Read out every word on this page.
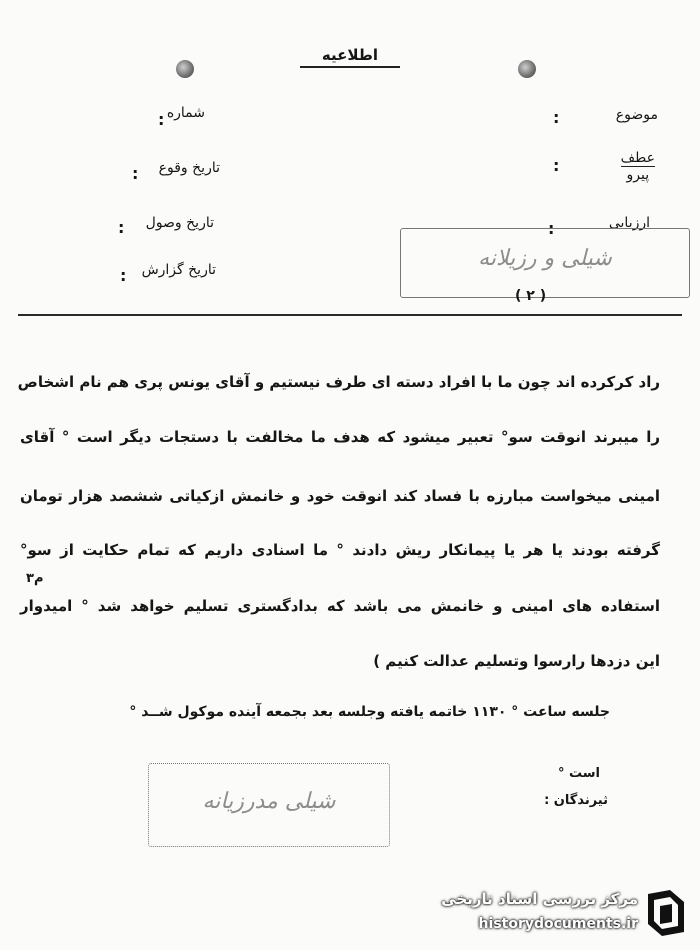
اطلاعیه
موضوع
:
عطف
پیرو
:
ارزیابی
:
شماره
:
تاریخ وقوع
:
تاریخ وصول
:
تاریخ گزارش
:
شیلی و رزیلانه
( ۲ )
راد کرکرده اند چون ما با افراد دسته ای طرف نیستیم و آقای یونس پری هم نام اشخاص
را میبرند انوقت سو° تعبیر میشود که هدف ما مخالفت با دستجات دیگر است ° آقای
امینی میخواست مبارزه با فساد کند انوقت خود و خانمش ازکیاتی ششصد هزار تومان
گرفته بودند یا هر یا پیمانکار ریش دادند ° ما اسنادی داریم که تمام حکایت از سو°
۳م
استفاده های امینی و خانمش می باشد که بدادگستری تسلیم خواهد شد ° امیدوار
این دزدها رارسوا وتسلیم عدالت کنیم )
جلسه ساعت ° ۱۱۳۰ خاتمه یافته وجلسه بعد بجمعه آینده موکول شــد °
است °
ثیرندگان :
شیلی مدرزیانه
مرکز بررسی اسناد تاریخی
historydocuments.ir
